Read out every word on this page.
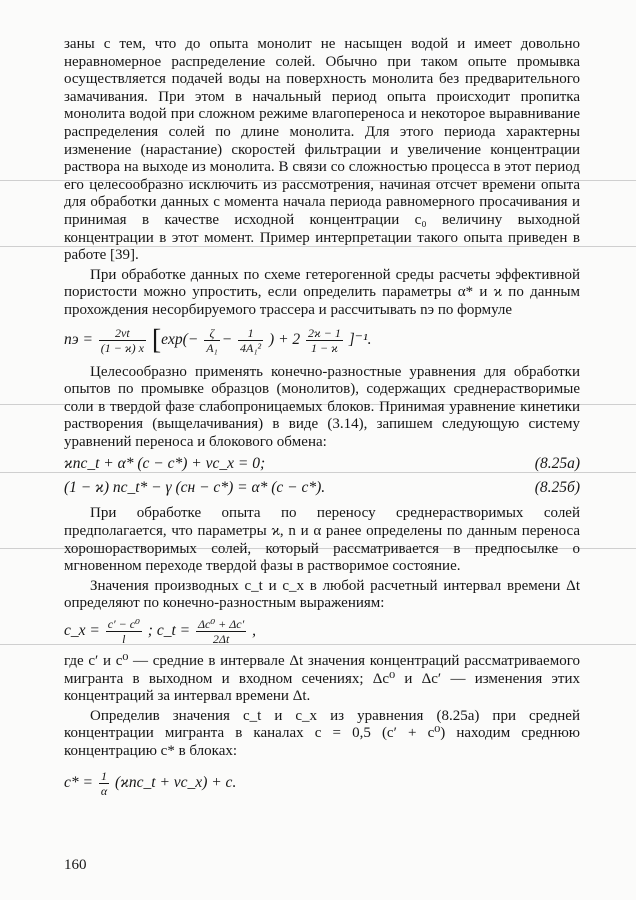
заны с тем, что до опыта монолит не насыщен водой и имеет довольно неравномерное распределение солей. Обычно при таком опыте промывка осуществляется подачей воды на поверхность монолита без предварительного замачивания. При этом в начальный период опыта происходит пропитка монолита водой при сложном режиме влагопереноса и некоторое выравнивание распределения солей по длине монолита. Для этого периода характерны изменение (нарастание) скоростей фильтрации и увеличение концентрации раствора на выходе из монолита. В связи со сложностью процесса в этот период его целесообразно исключить из рассмотрения, начиная отсчет времени опыта для обработки данных с момента начала периода равномерного просачивания и принимая в качестве исходной концентрации c₀ величину выходной концентрации в этот момент. Пример интерпретации такого опыта приведен в работе [39].

При обработке данных по схеме гетерогенной среды расчеты эффективной пористости можно упростить, если определить параметры α* и ϰ по данным прохождения несорбируемого трассера и рассчитывать nэ по формуле

nэ = $\frac{2vt}{(1 - ϰ) x} [\exp(- \frac{\zeta}{\text{A₁}} - \frac{1}{\text{4A₁²}}$ ) + $2 \frac{2ϰ - 1}{1 - ϰ} ]^{-1}$.

Целесообразно применять конечно-разностные уравнения для обработки опытов по промывке образцов (монолитов), содержащих среднерастворимые соли в твердой фазе слабопроницаемых блоков. Принимая уравнение кинетики растворения (выщелачивания) в виде (3.14), запишем следующую систему уравнений переноса и блокового обмена:

ϰnc_t + α* (c − c*) + vc_x = 0;	(8.25а)
(1 − ϰ) nc_t* − γ (cн − c*) = α* (c − c*).	(8.25б)

При обработке опыта по переносу среднерастворимых солей предполагается, что параметры ϰ, n и α ранее определены по данным переноса хорошорастворимых солей, который рассматривается в предпосылке о мгновенном переходе твердой фазы в растворимое состояние.

Значения производных c_t и c_x в любой расчетный интервал времени Δt определяют по конечно-разностным выражениям:

c_x = $\frac{\text{c′ − c⁰}}{l}$ ; c_t = $\frac{\text{Δc⁰ + Δc′}}{2\Delta t}$ ,

где c′ и c⁰ — средние в интервале Δt значения концентраций рассматриваемого мигранта в выходном и входном сечениях; Δc⁰ и Δc′ — изменения этих концентраций за интервал времени Δt.

Определив значения c_t и c_x из уравнения (8.25а) при средней концентрации мигранта в каналах c = 0,5 (c′ + c⁰) находим среднюю концентрацию c* в блоках:

$c* = \frac{1}{\alpha}$ (ϰnc_t + vc_x) + c.
160
